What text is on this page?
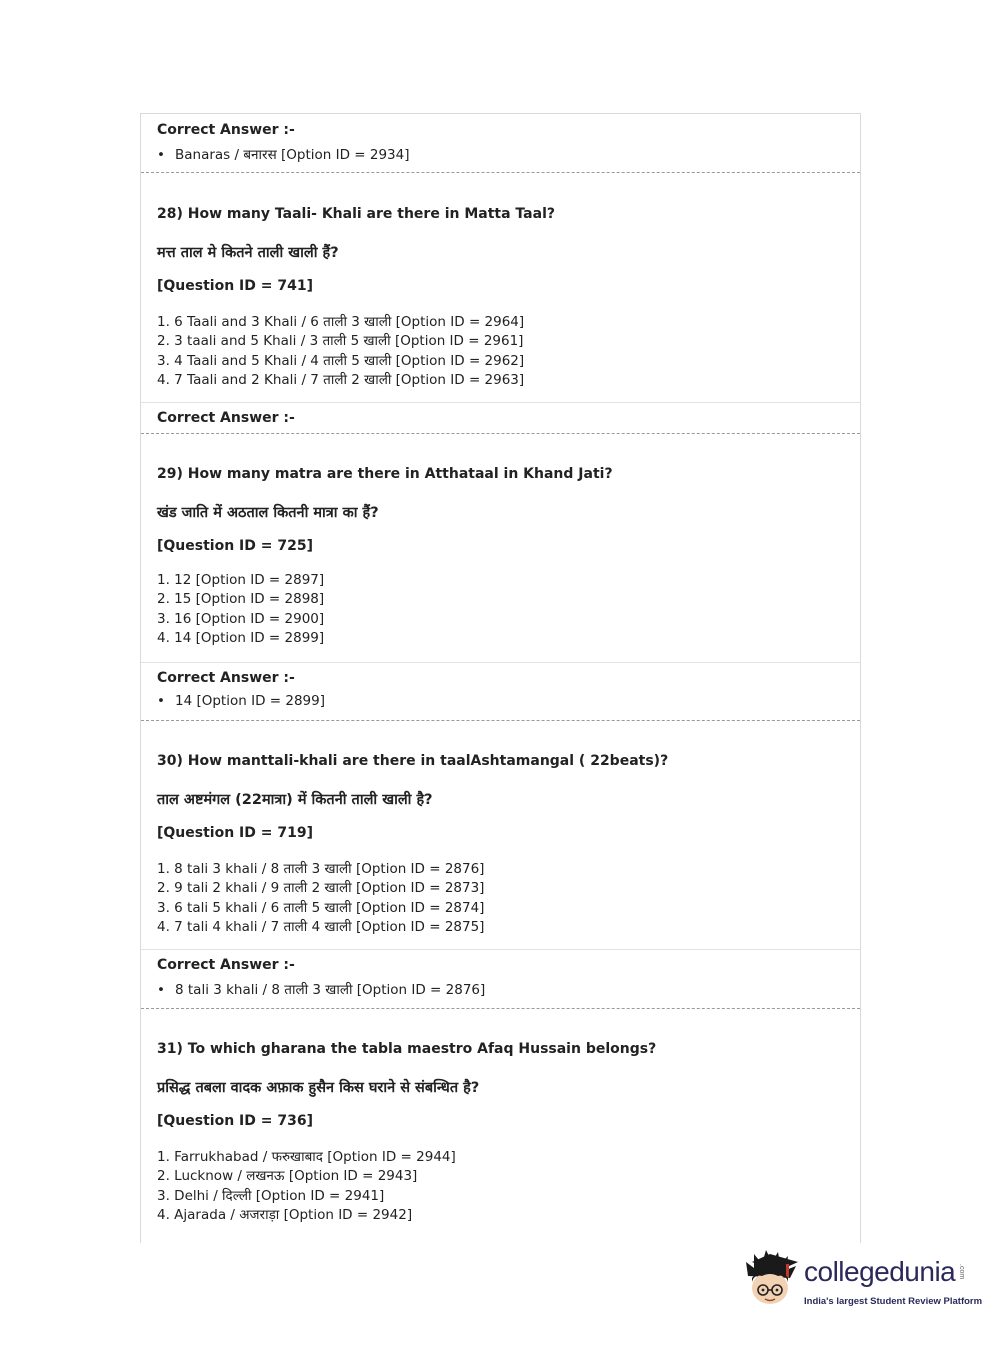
Correct Answer :-
• Banaras / बनारस [Option ID = 2934]
28) How many Taali- Khali are there in Matta Taal?
मत्त ताल मे कितने ताली खाली हैं?
[Question ID = 741]
1. 6 Taali and 3 Khali / 6 ताली 3 खाली [Option ID = 2964]
2. 3 taali and 5 Khali / 3 ताली 5 खाली [Option ID = 2961]
3. 4 Taali and 5 Khali / 4 ताली 5 खाली [Option ID = 2962]
4. 7 Taali and 2 Khali / 7 ताली 2 खाली [Option ID = 2963]
Correct Answer :-
29) How many matra are there in Atthataal in Khand Jati?
खंड जाति में अठताल कितनी मात्रा का हैं?
[Question ID = 725]
1. 12 [Option ID = 2897]
2. 15 [Option ID = 2898]
3. 16 [Option ID = 2900]
4. 14 [Option ID = 2899]
Correct Answer :-
• 14 [Option ID = 2899]
30) How manttali-khali are there in taalAshtamangal ( 22beats)?
ताल अष्टमंगल (22मात्रा) में कितनी ताली खाली है?
[Question ID = 719]
1. 8 tali 3 khali / 8 ताली 3 खाली [Option ID = 2876]
2. 9 tali 2 khali / 9 ताली 2 खाली [Option ID = 2873]
3. 6 tali 5 khali / 6 ताली 5 खाली [Option ID = 2874]
4. 7 tali 4 khali / 7 ताली 4 खाली [Option ID = 2875]
Correct Answer :-
• 8 tali 3 khali / 8 ताली 3 खाली [Option ID = 2876]
31) To which gharana the tabla maestro Afaq Hussain belongs?
प्रसिद्ध तबला वादक अफ़ाक हुसैन किस घराने से संबन्धित है?
[Question ID = 736]
1. Farrukhabad / फरुखाबाद [Option ID = 2944]
2. Lucknow / लखनऊ [Option ID = 2943]
3. Delhi / दिल्ली [Option ID = 2941]
4. Ajarada / अजराड़ा [Option ID = 2942]
collegedunia .com
India's largest Student Review Platform
